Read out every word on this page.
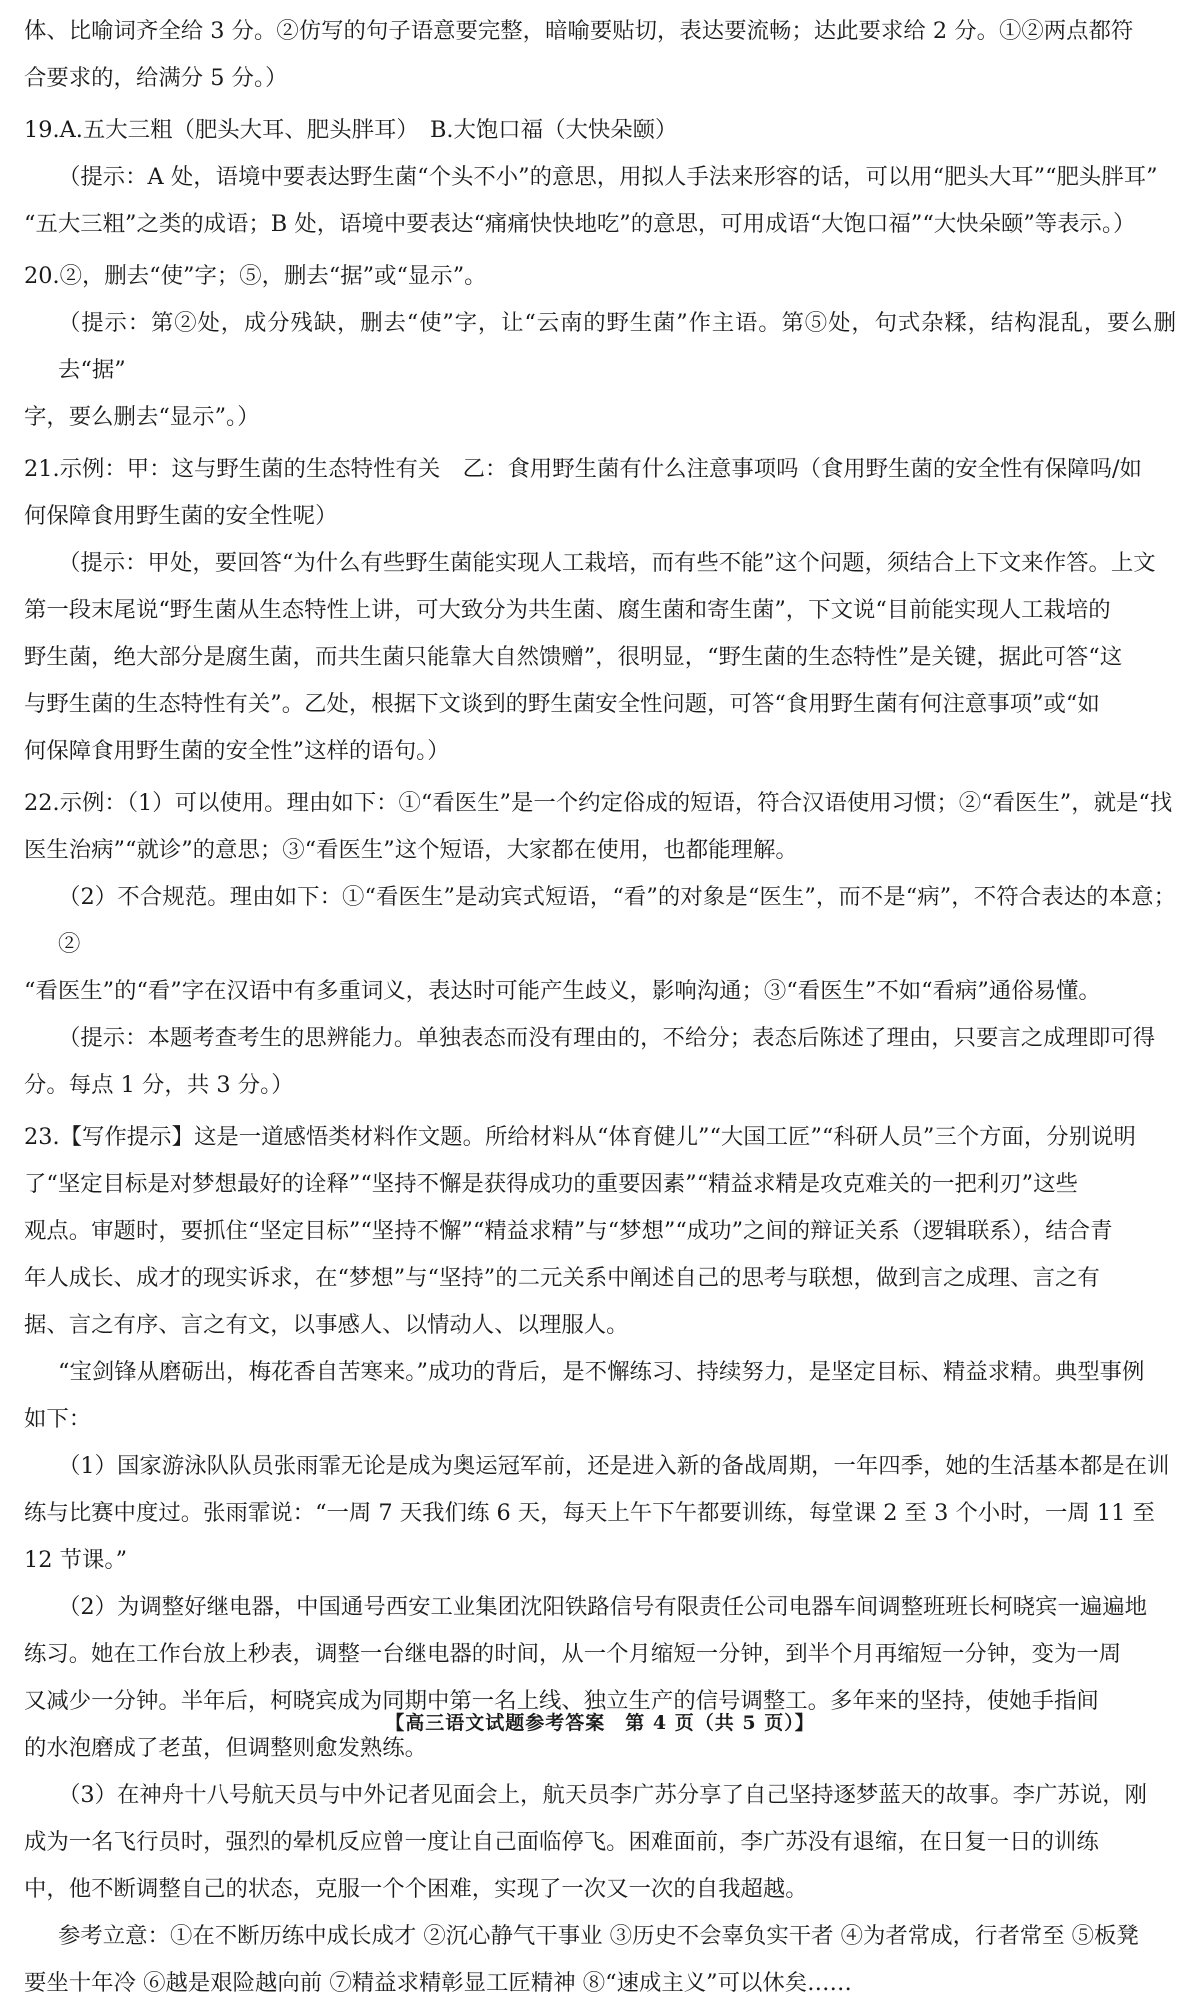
体、比喻词齐全给 3 分。②仿写的句子语意要完整，暗喻要贴切，表达要流畅；达此要求给 2 分。①②两点都符

合要求的，给满分 5 分。）

19.A.五大三粗（肥头大耳、肥头胖耳）　B.大饱口福（大快朵颐）

（提示：A 处，语境中要表达野生菌“个头不小”的意思，用拟人手法来形容的话，可以用“肥头大耳”“肥头胖耳”

“五大三粗”之类的成语；B 处，语境中要表达“痛痛快快地吃”的意思，可用成语“大饱口福”“大快朵颐”等表示。）

20.②，删去“使”字；⑤，删去“据”或“显示”。

（提示：第②处，成分残缺，删去“使”字，让“云南的野生菌”作主语。第⑤处，句式杂糅，结构混乱，要么删去“据”

字，要么删去“显示”。）

21.示例：甲：这与野生菌的生态特性有关　乙：食用野生菌有什么注意事项吗（食用野生菌的安全性有保障吗/如

何保障食用野生菌的安全性呢）

（提示：甲处，要回答“为什么有些野生菌能实现人工栽培，而有些不能”这个问题，须结合上下文来作答。上文

第一段末尾说“野生菌从生态特性上讲，可大致分为共生菌、腐生菌和寄生菌”，下文说“目前能实现人工栽培的

野生菌，绝大部分是腐生菌，而共生菌只能靠大自然馈赠”，很明显，“野生菌的生态特性”是关键，据此可答“这

与野生菌的生态特性有关”。乙处，根据下文谈到的野生菌安全性问题，可答“食用野生菌有何注意事项”或“如

何保障食用野生菌的安全性”这样的语句。）

22.示例：（1）可以使用。理由如下：①“看医生”是一个约定俗成的短语，符合汉语使用习惯；②“看医生”，就是“找

医生治病”“就诊”的意思；③“看医生”这个短语，大家都在使用，也都能理解。

（2）不合规范。理由如下：①“看医生”是动宾式短语，“看”的对象是“医生”，而不是“病”，不符合表达的本意；②

“看医生”的“看”字在汉语中有多重词义，表达时可能产生歧义，影响沟通；③“看医生”不如“看病”通俗易懂。

（提示：本题考查考生的思辨能力。单独表态而没有理由的，不给分；表态后陈述了理由，只要言之成理即可得

分。每点 1 分，共 3 分。）

23.【写作提示】这是一道感悟类材料作文题。所给材料从“体育健儿”“大国工匠”“科研人员”三个方面，分别说明

了“坚定目标是对梦想最好的诠释”“坚持不懈是获得成功的重要因素”“精益求精是攻克难关的一把利刃”这些

观点。审题时，要抓住“坚定目标”“坚持不懈”“精益求精”与“梦想”“成功”之间的辩证关系（逻辑联系），结合青

年人成长、成才的现实诉求，在“梦想”与“坚持”的二元关系中阐述自己的思考与联想，做到言之成理、言之有

据、言之有序、言之有文，以事感人、以情动人、以理服人。

“宝剑锋从磨砺出，梅花香自苦寒来。”成功的背后，是不懈练习、持续努力，是坚定目标、精益求精。典型事例

如下：

（1）国家游泳队队员张雨霏无论是成为奥运冠军前，还是进入新的备战周期，一年四季，她的生活基本都是在训

练与比赛中度过。张雨霏说：“一周 7 天我们练 6 天，每天上午下午都要训练，每堂课 2 至 3 个小时，一周 11 至

12 节课。”

（2）为调整好继电器，中国通号西安工业集团沈阳铁路信号有限责任公司电器车间调整班班长柯晓宾一遍遍地

练习。她在工作台放上秒表，调整一台继电器的时间，从一个月缩短一分钟，到半个月再缩短一分钟，变为一周

又减少一分钟。半年后，柯晓宾成为同期中第一名上线、独立生产的信号调整工。多年来的坚持，使她手指间

的水泡磨成了老茧，但调整则愈发熟练。

（3）在神舟十八号航天员与中外记者见面会上，航天员李广苏分享了自己坚持逐梦蓝天的故事。李广苏说，刚

成为一名飞行员时，强烈的晕机反应曾一度让自己面临停飞。困难面前，李广苏没有退缩，在日复一日的训练

中，他不断调整自己的状态，克服一个个困难，实现了一次又一次的自我超越。

参考立意：①在不断历练中成长成才 ②沉心静气干事业 ③历史不会辜负实干者 ④为者常成，行者常至 ⑤板凳

要坐十年冷 ⑥越是艰险越向前 ⑦精益求精彰显工匠精神 ⑧“速成主义”可以休矣……

【高三语文试题参考答案　第 4 页（共 5 页）】
